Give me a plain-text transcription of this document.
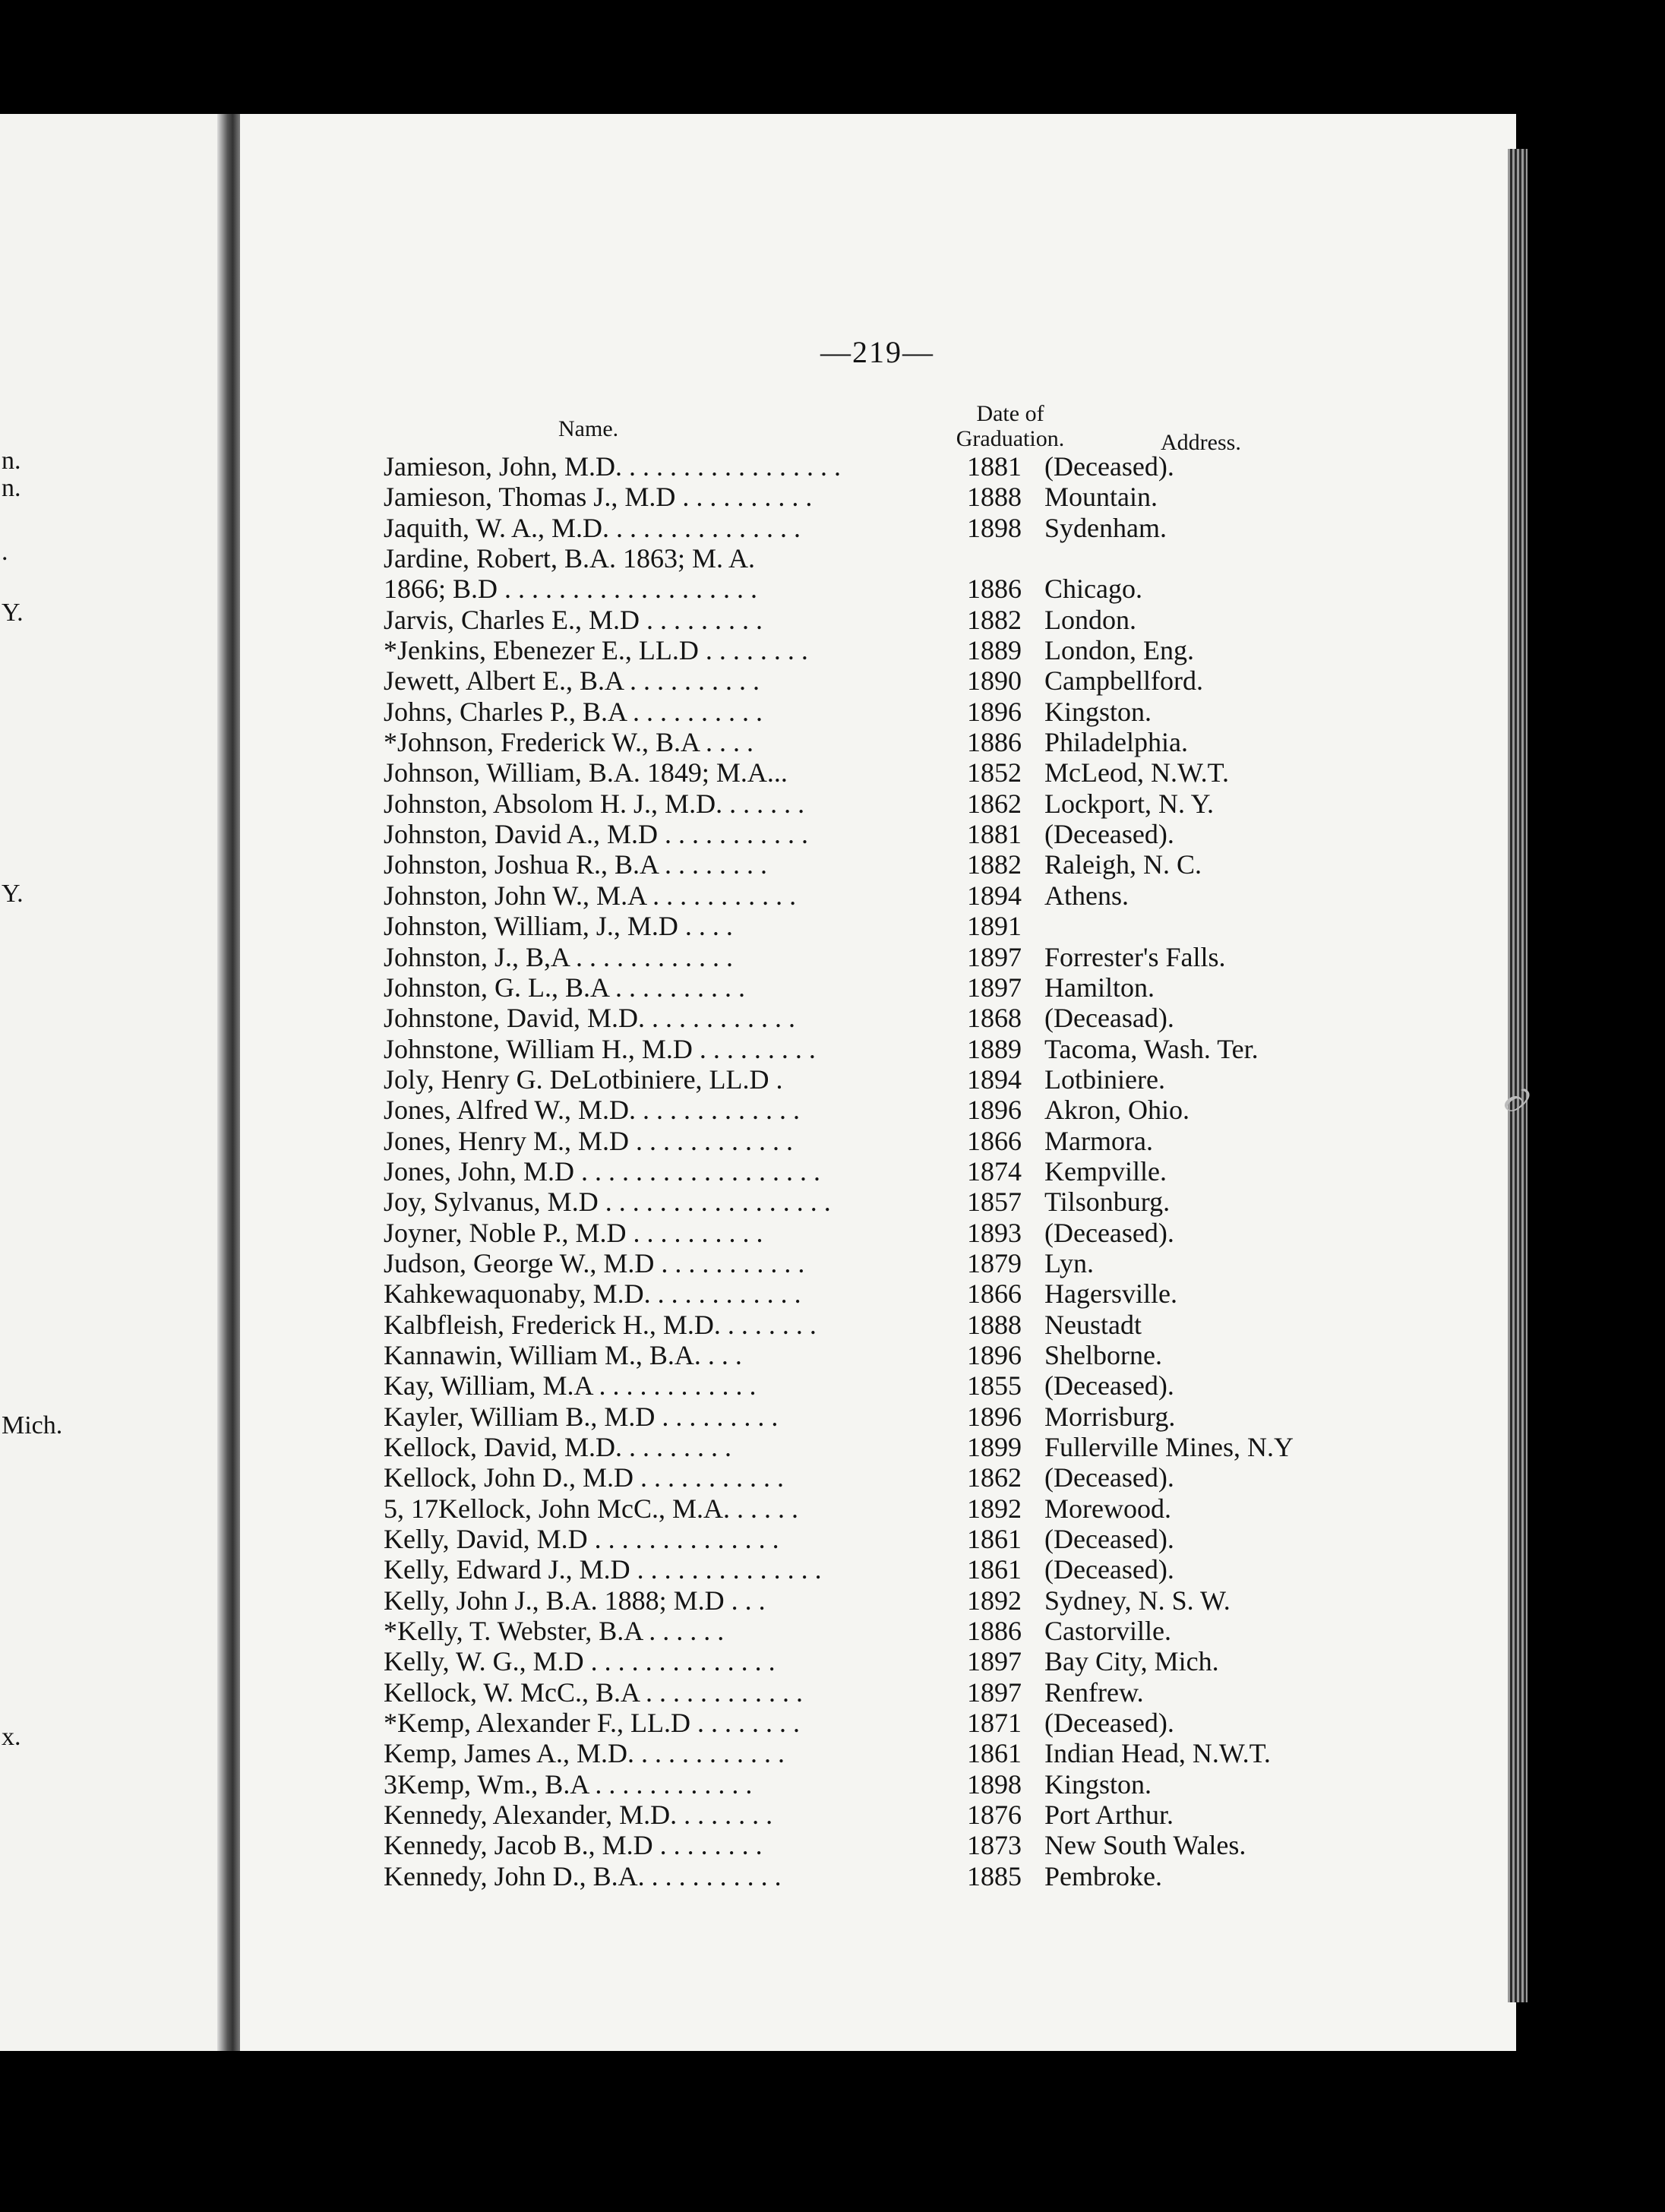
n.
n.
.
Y.
Y.
Mich.
x.
∂
—219—
Name.
Date of
Graduation.	Address.
Jamieson, John, M.D. . . . . . . . . . . . . . . . .	1881 (Deceased).
Jamieson, Thomas J., M.D . . . . . . . . . .	1888 Mountain.
Jaquith, W. A., M.D. . . . . . . . . . . . . . .	1898 Sydenham.
Jardine, Robert, B.A. 1863; M. A.
1866; B.D . . . . . . . . . . . . . . . . . . .	1886 Chicago.
Jarvis, Charles E., M.D . . . . . . . . .	1882 London.
*Jenkins, Ebenezer E., LL.D . . . . . . . .	1889 London, Eng.
Jewett, Albert E., B.A . . . . . . . . . .	1890 Campbellford.
Johns, Charles P., B.A . . . . . . . . . .	1896 Kingston.
*Johnson, Frederick W., B.A . . . .	1886 Philadelphia.
Johnson, William, B.A. 1849; M.A...	1852 McLeod, N.W.T.
Johnston, Absolom H. J., M.D. . . . . . .	1862 Lockport, N. Y.
Johnston, David A., M.D . . . . . . . . . . .	1881 (Deceased).
Johnston, Joshua R., B.A . . . . . . . .	1882 Raleigh, N. C.
Johnston, John W., M.A . . . . . . . . . . .	1894 Athens.
Johnston, William, J., M.D . . . .	1891
Johnston, J., B,A . . . . . . . . . . . .	1897 Forrester's Falls.
Johnston, G. L., B.A . . . . . . . . . .	1897 Hamilton.
Johnstone, David, M.D. . . . . . . . . . . .	1868 (Deceasad).
Johnstone, William H., M.D . . . . . . . . .	1889 Tacoma, Wash. Ter.
Joly, Henry G. DeLotbiniere, LL.D .	1894 Lotbiniere.
Jones, Alfred W., M.D. . . . . . . . . . . . .	1896 Akron, Ohio.
Jones, Henry M., M.D . . . . . . . . . . . .	1866 Marmora.
Jones, John, M.D . . . . . . . . . . . . . . . . . .	1874 Kempville.
Joy, Sylvanus, M.D . . . . . . . . . . . . . . . . .	1857 Tilsonburg.
Joyner, Noble P., M.D . . . . . . . . . .	1893 (Deceased).
Judson, George W., M.D . . . . . . . . . . .	1879 Lyn.
Kahkewaquonaby, M.D. . . . . . . . . . . .	1866 Hagersville.
Kalbfleish, Frederick H., M.D. . . . . . . .	1888 Neustadt
Kannawin, William M., B.A. . . .	1896 Shelborne.
Kay, William, M.A . . . . . . . . . . . .	1855 (Deceased).
Kayler, William B., M.D . . . . . . . . .	1896 Morrisburg.
Kellock, David, M.D. . . . . . . . .	1899 Fullerville Mines, N.Y
Kellock, John D., M.D . . . . . . . . . . .	1862 (Deceased).
5, 17Kellock, John McC., M.A. . . . . .	1892 Morewood.
Kelly, David, M.D . . . . . . . . . . . . . .	1861 (Deceased).
Kelly, Edward J., M.D . . . . . . . . . . . . . .	1861 (Deceased).
Kelly, John J., B.A. 1888; M.D . . .	1892 Sydney, N. S. W.
*Kelly, T. Webster, B.A . . . . . .	1886 Castorville.
Kelly, W. G., M.D . . . . . . . . . . . . . .	1897 Bay City, Mich.
Kellock, W. McC., B.A . . . . . . . . . . . .	1897 Renfrew.
*Kemp, Alexander F., LL.D . . . . . . . .	1871 (Deceased).
Kemp, James A., M.D. . . . . . . . . . . .	1861 Indian Head, N.W.T.
3Kemp, Wm., B.A . . . . . . . . . . . .	1898 Kingston.
Kennedy, Alexander, M.D. . . . . . . .	1876 Port Arthur.
Kennedy, Jacob B., M.D . . . . . . . .	1873 New South Wales.
Kennedy, John D., B.A. . . . . . . . . . .	1885 Pembroke.
